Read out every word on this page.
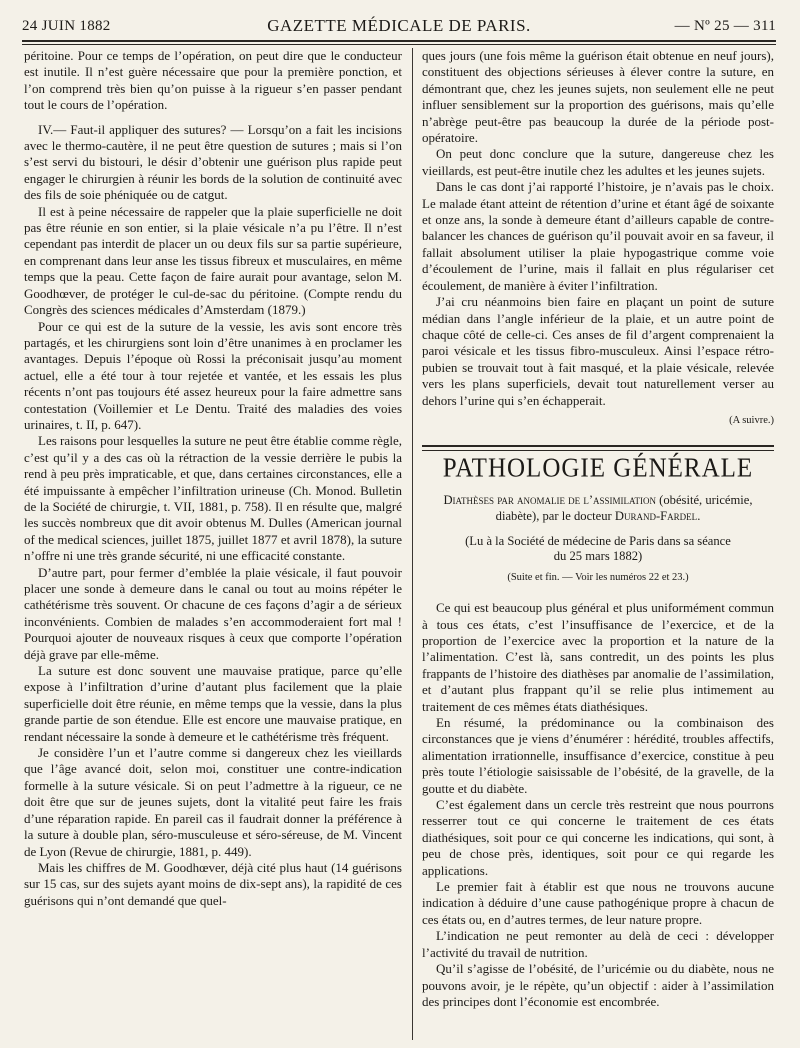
24 JUIN 1882	GAZETTE MÉDICALE DE PARIS.	— Nº 25 — 311

péritoine. Pour ce temps de l’opération, on peut dire que le conducteur est inutile. Il n’est guère nécessaire que pour la première ponction, et l’on comprend très bien qu’on puisse à la rigueur s’en passer pendant tout le cours de l’opération.

IV.— Faut-il appliquer des sutures? — Lorsqu’on a fait les incisions avec le thermo-cautère, il ne peut être question de sutures ; mais si l’on s’est servi du bistouri, le désir d’obtenir une guérison plus rapide peut engager le chirurgien à réunir les bords de la solution de continuité avec des fils de soie phéniquée ou de catgut.

Il est à peine nécessaire de rappeler que la plaie superficielle ne doit pas être réunie en son entier, si la plaie vésicale n’a pu l’être. Il n’est cependant pas interdit de placer un ou deux fils sur sa partie supérieure, en comprenant dans leur anse les tissus fibreux et musculaires, en même temps que la peau. Cette façon de faire aurait pour avantage, selon M. Goodhœver, de protéger le cul-de-sac du péritoine. (Compte rendu du Congrès des sciences médicales d’Amsterdam (1879.)

Pour ce qui est de la suture de la vessie, les avis sont encore très partagés, et les chirurgiens sont loin d’être unanimes à en proclamer les avantages. Depuis l’époque où Rossi la préconisait jusqu’au moment actuel, elle a été tour à tour rejetée et vantée, et les essais les plus récents n’ont pas toujours été assez heureux pour la faire admettre sans contestation (Voillemier et Le Dentu. Traité des maladies des voies urinaires, t. II, p. 647).

Les raisons pour lesquelles la suture ne peut être établie comme règle, c’est qu’il y a des cas où la rétraction de la vessie derrière le pubis la rend à peu près impraticable, et que, dans certaines circonstances, elle a été impuissante à empêcher l’infiltration urineuse (Ch. Monod. Bulletin de la Société de chirurgie, t. VII, 1881, p. 758). Il en résulte que, malgré les succès nombreux que dit avoir obtenus M. Dulles (American journal of the medical sciences, juillet 1875, juillet 1877 et avril 1878), la suture n’offre ni une très grande sécurité, ni une efficacité constante.

D’autre part, pour fermer d’emblée la plaie vésicale, il faut pouvoir placer une sonde à demeure dans le canal ou tout au moins répéter le cathétérisme très souvent. Or chacune de ces façons d’agir a de sérieux inconvénients. Combien de malades s’en accommoderaient fort mal ! Pourquoi ajouter de nouveaux risques à ceux que comporte l’opération déjà grave par elle-même.

La suture est donc souvent une mauvaise pratique, parce qu’elle expose à l’infiltration d’urine d’autant plus facilement que la plaie superficielle doit être réunie, en même temps que la vessie, dans la plus grande partie de son étendue. Elle est encore une mauvaise pratique, en rendant nécessaire la sonde à demeure et le cathétérisme très fréquent.

Je considère l’un et l’autre comme si dangereux chez les vieillards que l’âge avancé doit, selon moi, constituer une contre-indication formelle à la suture vésicale. Si on peut l’admettre à la rigueur, ce ne doit être que sur de jeunes sujets, dont la vitalité peut faire les frais d’une réparation rapide. En pareil cas il faudrait donner la préférence à la suture à double plan, séro-musculeuse et séro-séreuse, de M. Vincent de Lyon (Revue de chirurgie, 1881, p. 449).

Mais les chiffres de M. Goodhœver, déjà cité plus haut (14 guérisons sur 15 cas, sur des sujets ayant moins de dix-sept ans), la rapidité de ces guérisons qui n’ont demandé que quel-

ques jours (une fois même la guérison était obtenue en neuf jours), constituent des objections sérieuses à élever contre la suture, en démontrant que, chez les jeunes sujets, non seulement elle ne peut influer sensiblement sur la proportion des guérisons, mais qu’elle n’abrège peut-être pas beaucoup la durée de la période post-opératoire.

On peut donc conclure que la suture, dangereuse chez les vieillards, est peut-être inutile chez les adultes et les jeunes sujets.

Dans le cas dont j’ai rapporté l’histoire, je n’avais pas le choix. Le malade étant atteint de rétention d’urine et étant âgé de soixante et onze ans, la sonde à demeure étant d’ailleurs capable de contre-balancer les chances de guérison qu’il pouvait avoir en sa faveur, il fallait absolument utiliser la plaie hypogastrique comme voie d’écoulement de l’urine, mais il fallait en plus régulariser cet écoulement, de manière à éviter l’infiltration.

J’ai cru néanmoins bien faire en plaçant un point de suture médian dans l’angle inférieur de la plaie, et un autre point de chaque côté de celle-ci. Ces anses de fil d’argent comprenaient la paroi vésicale et les tissus fibro-musculeux. Ainsi l’espace rétro-pubien se trouvait tout à fait masqué, et la plaie vésicale, relevée vers les plans superficiels, devait tout naturellement verser au dehors l’urine qui s’en échapperait.

(A suivre.)
PATHOLOGIE GÉNÉRALE
Diathèses par anomalie de l’assimilation (obésité, uricémie, diabète), par le docteur Durand-Fardel.
(Lu à la Société de médecine de Paris dans sa séance
du 25 mars 1882)
(Suite et fin. — Voir les numéros 22 et 23.)

Ce qui est beaucoup plus général et plus uniformément commun à tous ces états, c’est l’insuffisance de l’exercice, et de la proportion de l’exercice avec la proportion et la nature de la l’alimentation. C’est là, sans contredit, un des points les plus frappants de l’histoire des diathèses par anomalie de l’assimilation, et d’autant plus frappant qu’il se relie plus intimement au traitement de ces mêmes états diathésiques.

En résumé, la prédominance ou la combinaison des circonstances que je viens d’énumérer : hérédité, troubles affectifs, alimentation irrationnelle, insuffisance d’exercice, constitue à peu près toute l’étiologie saisissable de l’obésité, de la gravelle, de la goutte et du diabète.

C’est également dans un cercle très restreint que nous pourrons resserrer tout ce qui concerne le traitement de ces états diathésiques, soit pour ce qui concerne les indications, qui sont, à peu de chose près, identiques, soit pour ce qui regarde les applications.

Le premier fait à établir est que nous ne trouvons aucune indication à déduire d’une cause pathogénique propre à chacun de ces états ou, en d’autres termes, de leur nature propre.

L’indication ne peut remonter au delà de ceci : développer l’activité du travail de nutrition.

Qu’il s’agisse de l’obésité, de l’uricémie ou du diabète, nous ne pouvons avoir, je le répète, qu’un objectif : aider à l’assimilation des principes dont l’économie est encombrée.
